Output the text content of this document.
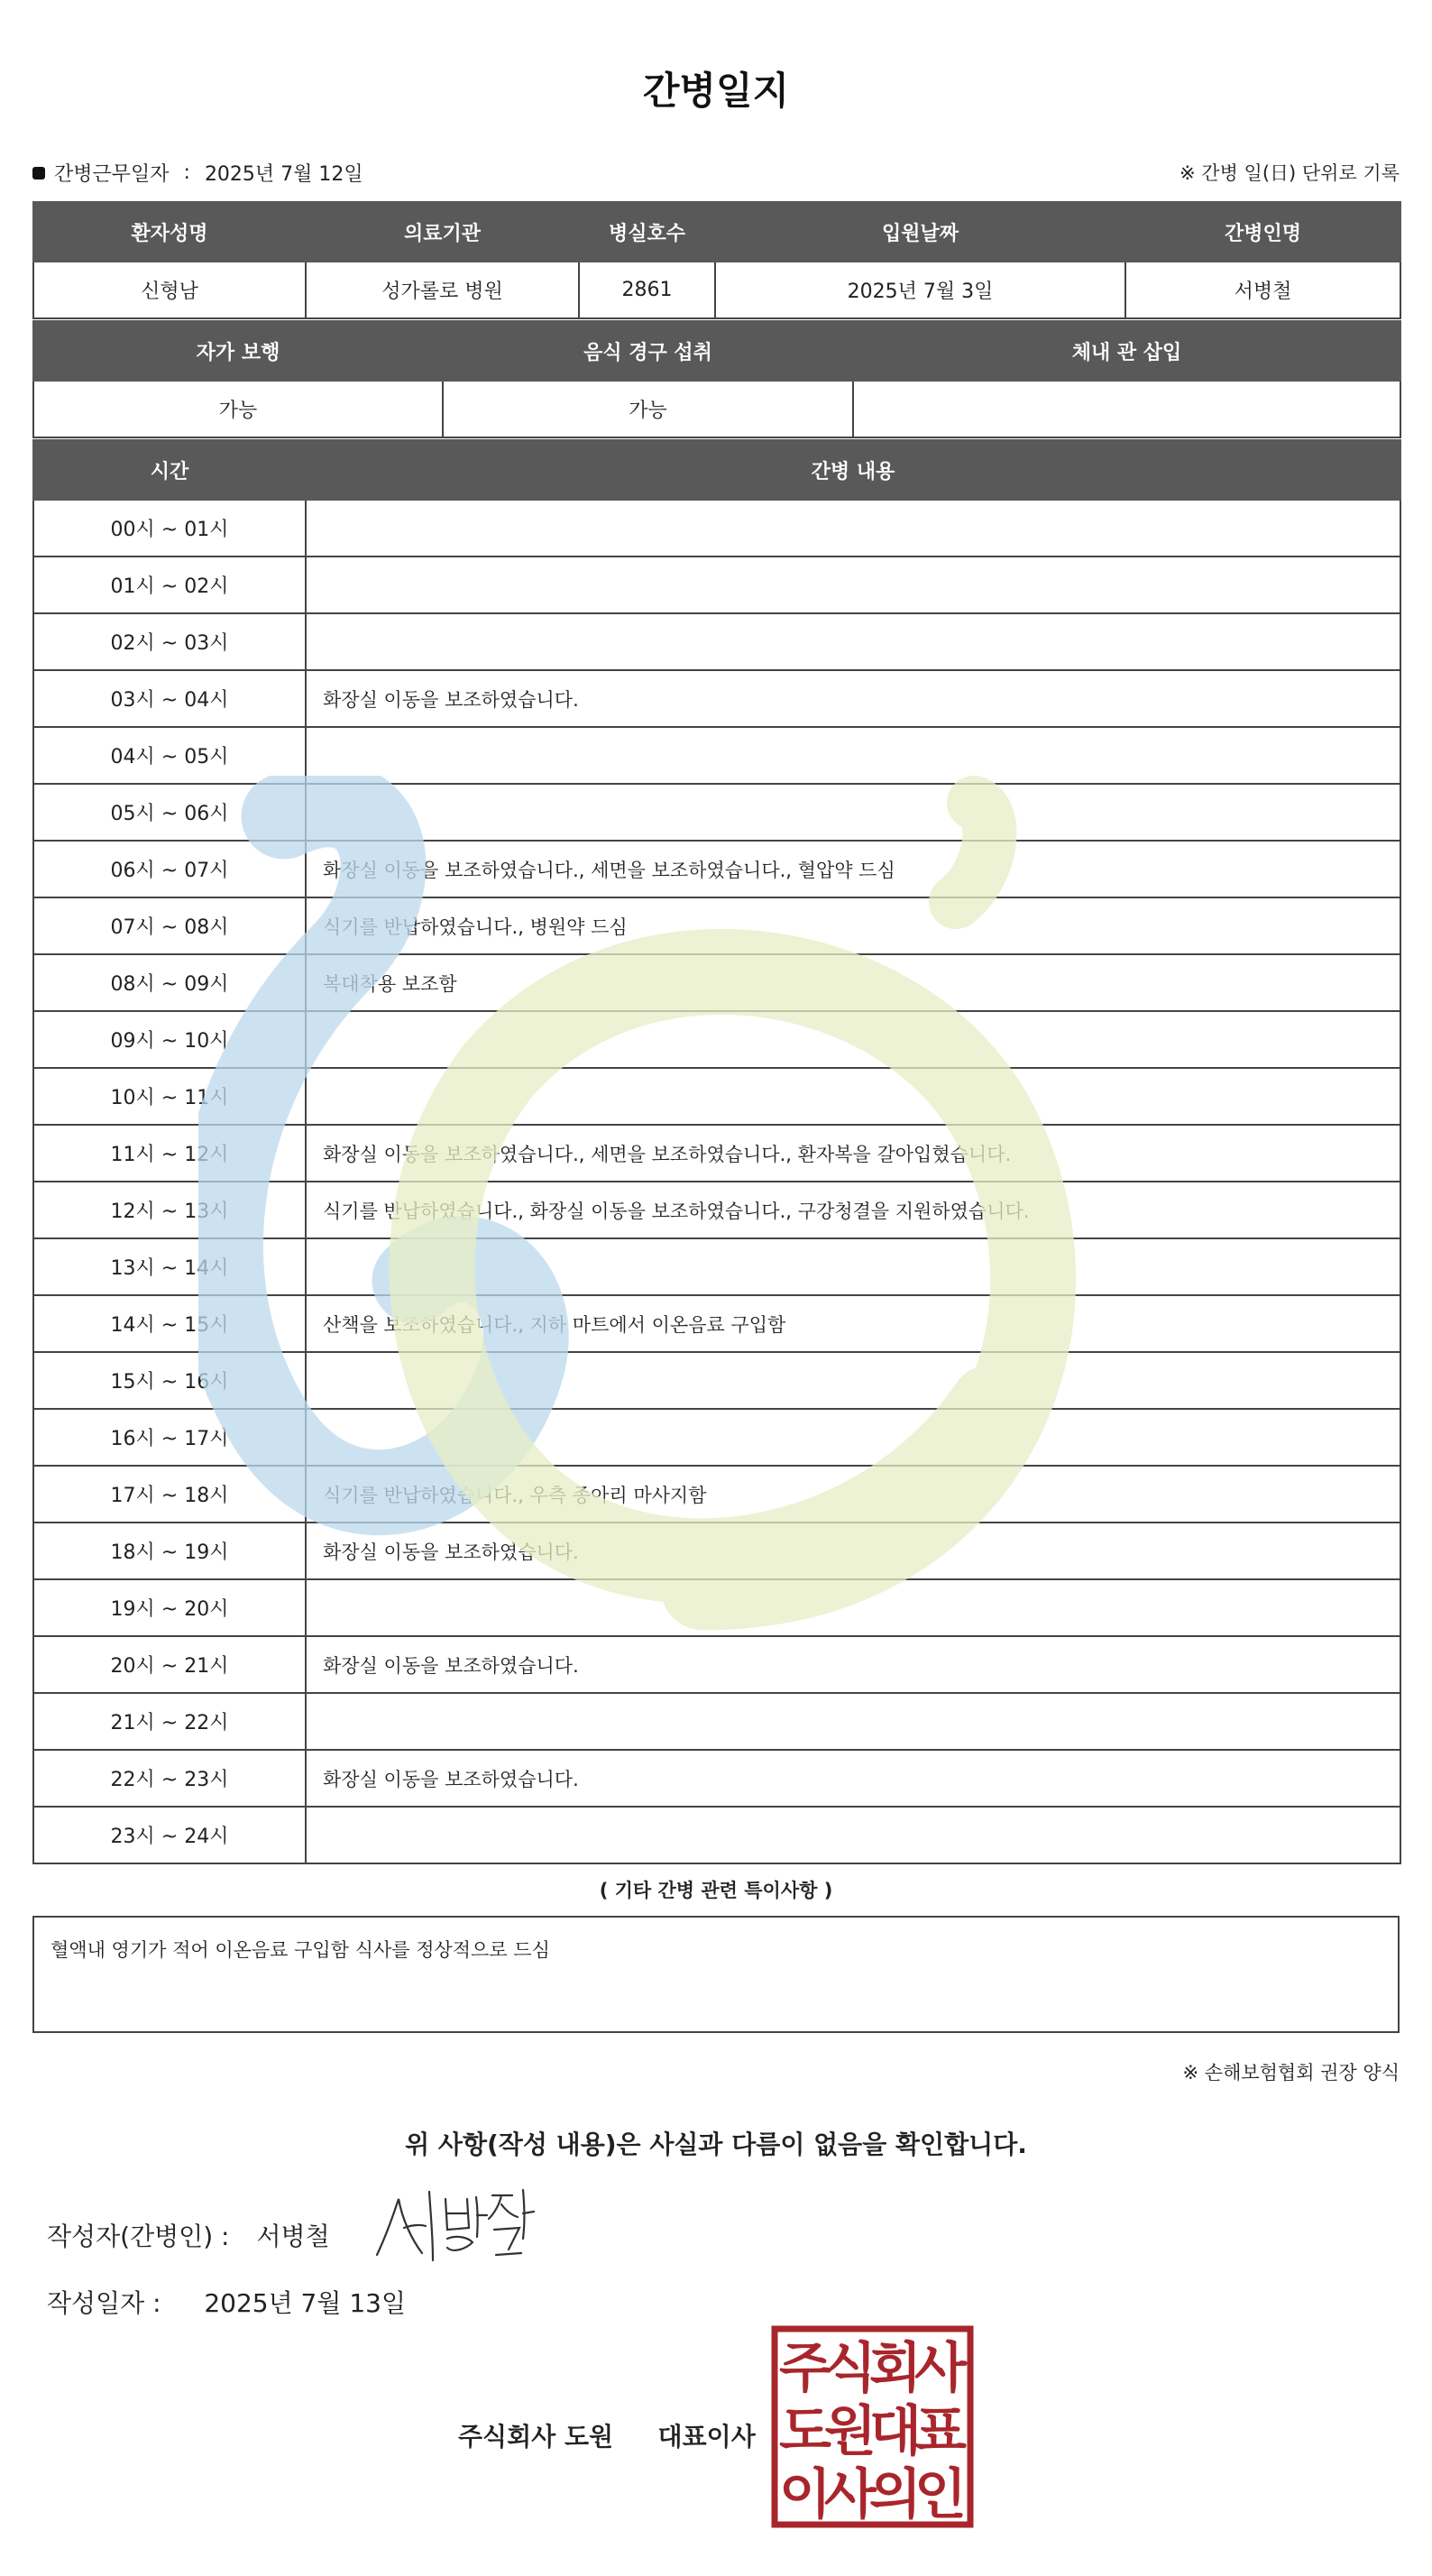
간병일지
간병근무일자 : 2025년 7월 12일	※ 간병 일(日) 단위로 기록
환자성명	의료기관	병실호수	입원날짜	간병인명
신형남	성가롤로 병원	2861	2025년 7월 3일	서병철
자가 보행	음식 경구 섭취	체내 관 삽입
가능	가능	
시간	간병 내용
00시 ~ 01시	
01시 ~ 02시	
02시 ~ 03시	
03시 ~ 04시	화장실 이동을 보조하였습니다.
04시 ~ 05시	
05시 ~ 06시	
06시 ~ 07시	화장실 이동을 보조하였습니다., 세면을 보조하였습니다., 혈압약 드심
07시 ~ 08시	식기를 반납하였습니다., 병원약 드심
08시 ~ 09시	복대착용 보조함
09시 ~ 10시	
10시 ~ 11시	
11시 ~ 12시	화장실 이동을 보조하였습니다., 세면을 보조하였습니다., 환자복을 갈아입혔습니다.
12시 ~ 13시	식기를 반납하였습니다., 화장실 이동을 보조하였습니다., 구강청결을 지원하였습니다.
13시 ~ 14시	
14시 ~ 15시	산책을 보조하였습니다., 지하 마트에서 이온음료 구입함
15시 ~ 16시	
16시 ~ 17시	
17시 ~ 18시	식기를 반납하였습니다., 우측 종아리 마사지함
18시 ~ 19시	화장실 이동을 보조하였습니다.
19시 ~ 20시	
20시 ~ 21시	화장실 이동을 보조하였습니다.
21시 ~ 22시	
22시 ~ 23시	화장실 이동을 보조하였습니다.
23시 ~ 24시	
( 기타 간병 관련 특이사항 )
혈액내 영기가 적어 이온음료 구입함 식사를 정상적으로 드심
※ 손해보험협회 권장 양식
위 사항(작성 내용)은 사실과 다름이 없음을 확인합니다.
작성자(간병인) : 서병철
작성일자 : 2025년 7월 13일
주식회사 도원 대표이사
주
식
회
사
도
원
대
표
이
사
의
인
